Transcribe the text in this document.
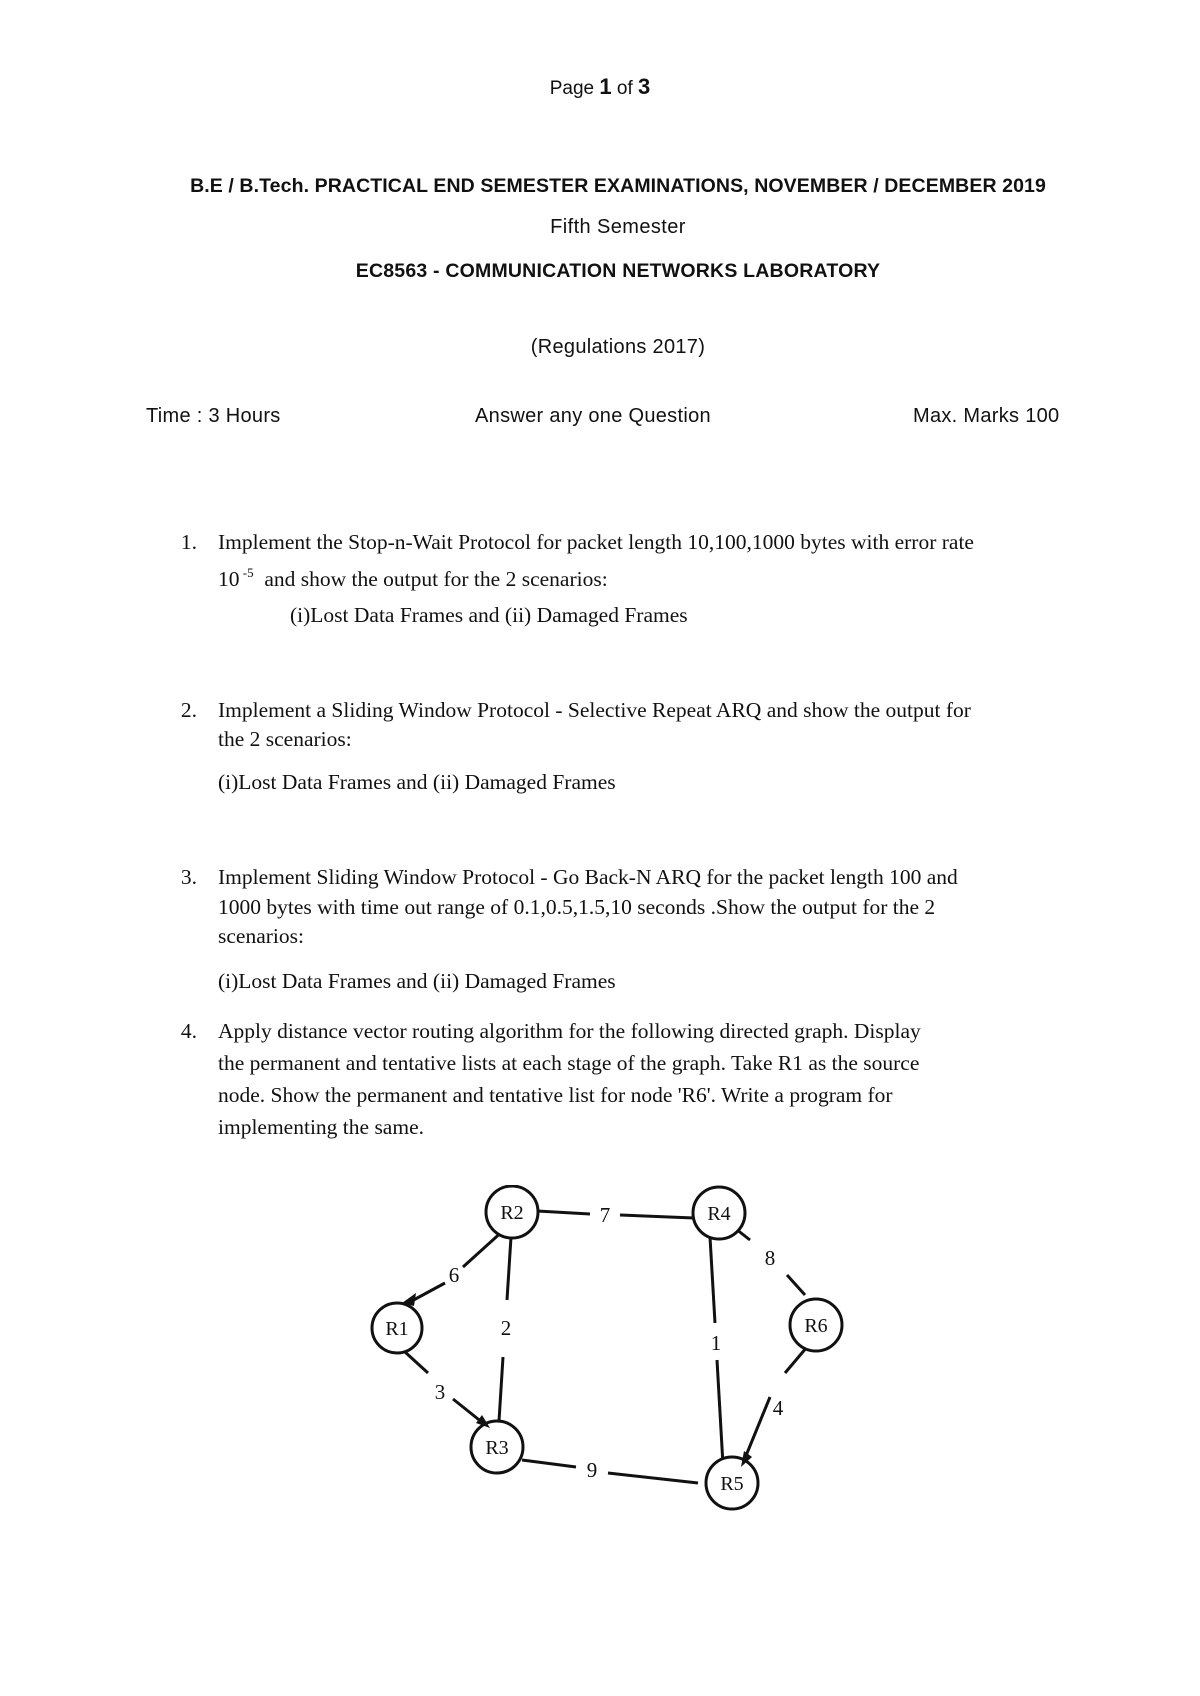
Page 1 of 3
B.E / B.Tech. PRACTICAL END SEMESTER EXAMINATIONS, NOVEMBER / DECEMBER 2019
Fifth Semester
EC8563 - COMMUNICATION NETWORKS LABORATORY
(Regulations 2017)
Time : 3 Hours	Answer any one Question	Max. Marks 100
1. Implement the Stop-n-Wait Protocol for packet length 10,100,1000 bytes with error rate
10 $^{-5}$  and show the output for the 2 scenarios:
(i)Lost Data Frames and (ii) Damaged Frames
2. Implement a Sliding Window Protocol - Selective Repeat ARQ and show the output for
the 2 scenarios:
(i)Lost Data Frames and (ii) Damaged Frames
3. Implement Sliding Window Protocol - Go Back-N ARQ for the packet length 100 and
1000 bytes with time out range of 0.1,0.5,1.5,10 seconds .Show the output for the 2
scenarios:
(i)Lost Data Frames and (ii) Damaged Frames
4. Apply distance vector routing algorithm for the following directed graph. Display
the permanent and tentative lists at each stage of the graph. Take R1 as the source
node. Show the permanent and tentative list for node 'R6'. Write a program for
implementing the same.
R1
R2
R3
R4
R5
R6
6
3
2
7
9
1
8
4
